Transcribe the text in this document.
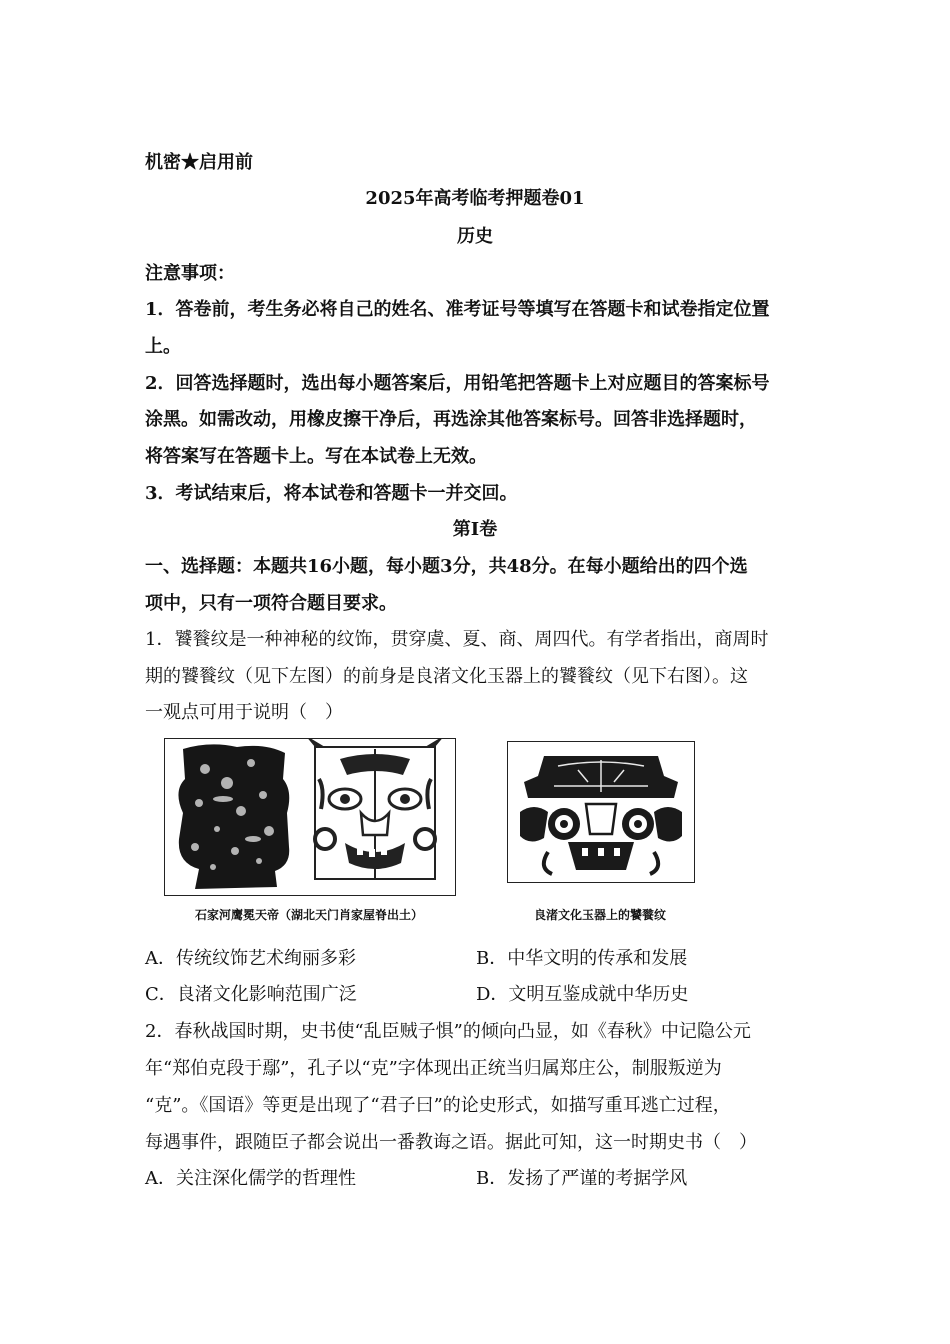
机密★启用前
2025年高考临考押题卷01
历史
注意事项：
1．答卷前，考生务必将自己的姓名、准考证号等填写在答题卡和试卷指定位置
上。
2．回答选择题时，选出每小题答案后，用铅笔把答题卡上对应题目的答案标号
涂黑。如需改动，用橡皮擦干净后，再选涂其他答案标号。回答非选择题时，
将答案写在答题卡上。写在本试卷上无效。
3．考试结束后，将本试卷和答题卡一并交回。
第Ⅰ卷
一、选择题：本题共16小题，每小题3分，共48分。在每小题给出的四个选
项中，只有一项符合题目要求。
1．饕餮纹是一种神秘的纹饰，贯穿虞、夏、商、周四代。有学者指出，商周时
期的饕餮纹（见下左图）的前身是良渚文化玉器上的饕餮纹（见下右图）。这
一观点可用于说明（　）
石家河鹰冕天帝（湖北天门肖家屋脊出土）	良渚文化玉器上的饕餮纹
A．传统纹饰艺术绚丽多彩	B．中华文明的传承和发展
C．良渚文化影响范围广泛	D．文明互鉴成就中华历史
2．春秋战国时期，史书使“乱臣贼子惧”的倾向凸显，如《春秋》中记隐公元
年“郑伯克段于鄢”，孔子以“克”字体现出正统当归属郑庄公，制服叛逆为
“克”。《国语》等更是出现了“君子曰”的论史形式，如描写重耳逃亡过程，
每遇事件，跟随臣子都会说出一番教诲之语。据此可知，这一时期史书（　）
A．关注深化儒学的哲理性	B．发扬了严谨的考据学风
